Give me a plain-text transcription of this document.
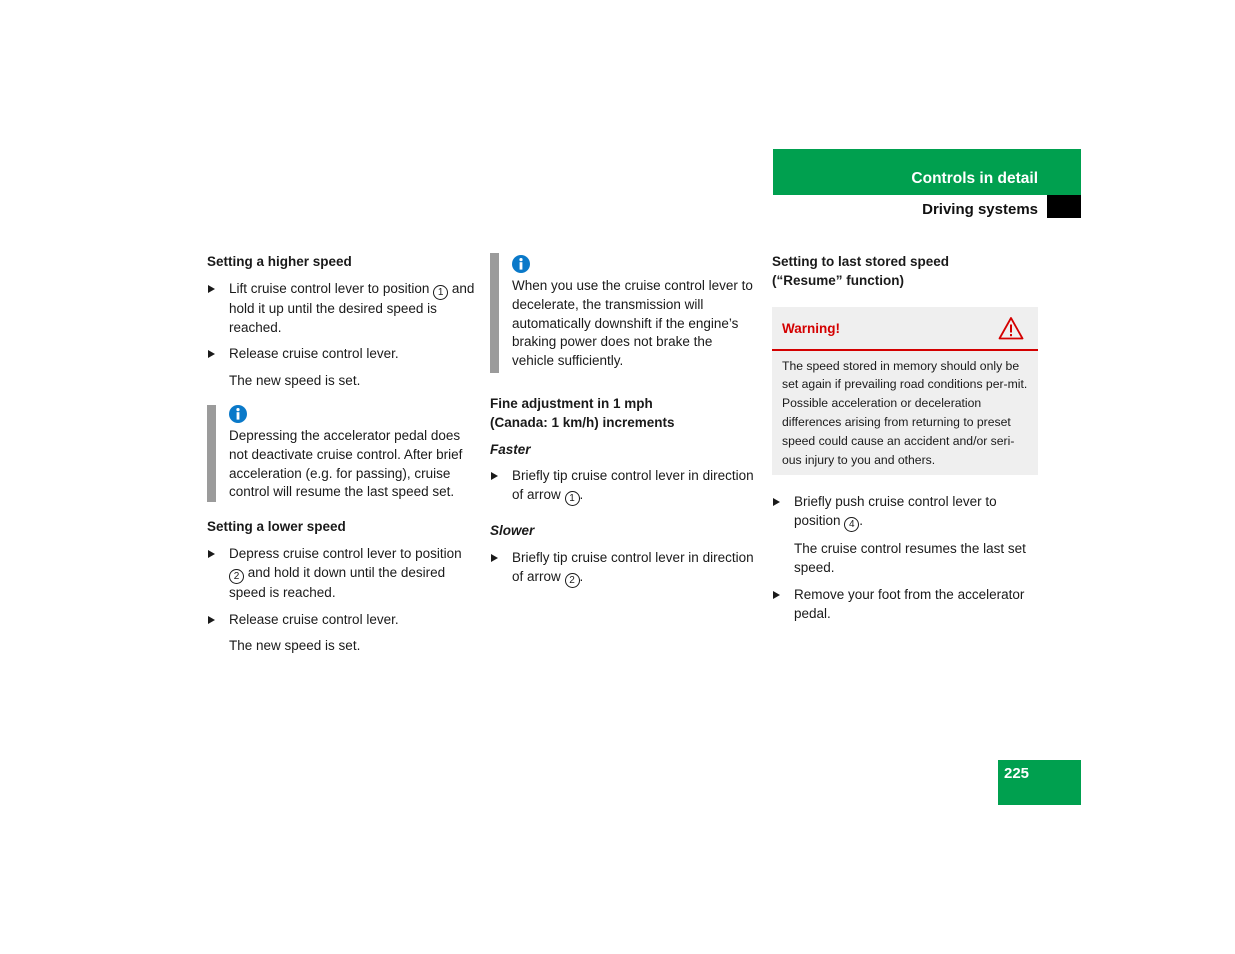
Controls in detail
Driving systems
Setting a higher speed
Lift cruise control lever to position 1 and hold it up until the desired speed is reached.
Release cruise control lever.
The new speed is set.
Depressing the accelerator pedal does not deactivate cruise control. After brief acceleration (e.g. for passing), cruise control will resume the last speed set.
Setting a lower speed
Depress cruise control lever to position 2 and hold it down until the desired speed is reached.
Release cruise control lever.
The new speed is set.
When you use the cruise control lever to decelerate, the transmission will automatically downshift if the engine’s braking power does not brake the vehicle sufficiently.
Fine adjustment in 1 mph
(Canada: 1 km/h) increments
Faster
Briefly tip cruise control lever in direction of arrow 1 .
Slower
Briefly tip cruise control lever in direction of arrow 2 .
Setting to last stored speed
(“Resume” function)
Warning!
The speed stored in memory should only be set again if prevailing road conditions per-mit. Possible acceleration or deceleration differences arising from returning to preset speed could cause an accident and/or seri-ous injury to you and others.
Briefly push cruise control lever to position 4 .
The cruise control resumes the last set speed.
Remove your foot from the accelerator pedal.
225
